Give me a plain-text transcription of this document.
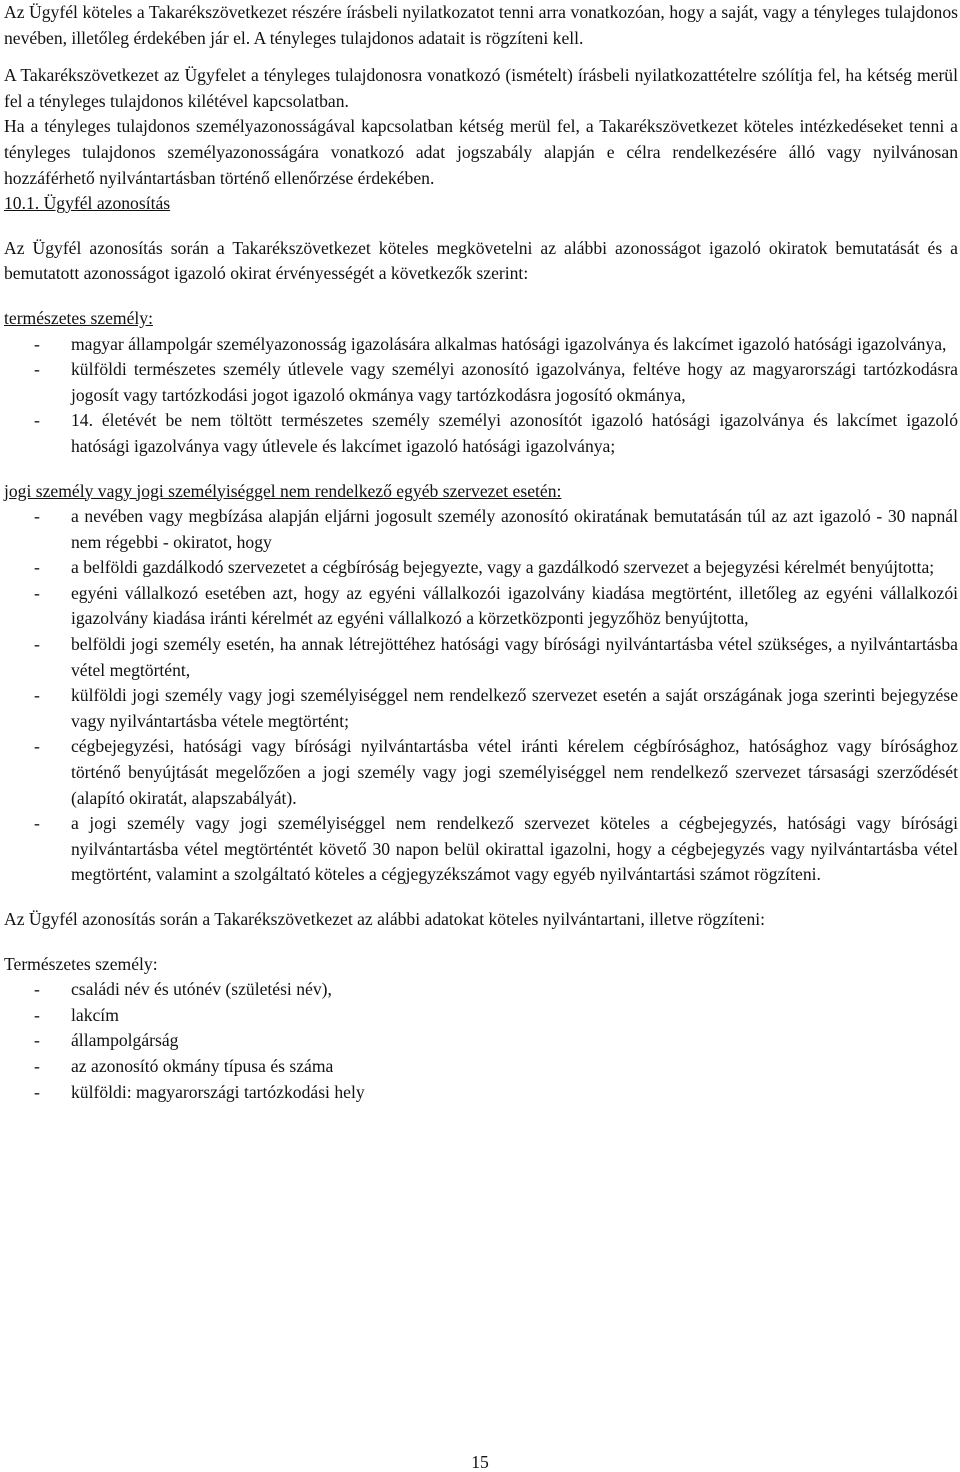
Az Ügyfél köteles a Takarékszövetkezet részére írásbeli nyilatkozatot tenni arra vonatkozóan, hogy a saját, vagy a tényleges tulajdonos nevében, illetőleg érdekében jár el. A tényleges tulajdonos adatait is rögzíteni kell.

A Takarékszövetkezet az Ügyfelet a tényleges tulajdonosra vonatkozó (ismételt) írásbeli nyilatkozattételre szólítja fel, ha kétség merül fel a tényleges tulajdonos kilétével kapcsolatban.

Ha a tényleges tulajdonos személyazonosságával kapcsolatban kétség merül fel, a Takarékszövetkezet köteles intézkedéseket tenni a tényleges tulajdonos személyazonosságára vonatkozó adat jogszabály alapján e célra rendelkezésére álló vagy nyilvánosan hozzáférhető nyilvántartásban történő ellenőrzése érdekében.

10.1. Ügyfél azonosítás

Az Ügyfél azonosítás során a Takarékszövetkezet köteles megkövetelni az alábbi azonosságot igazoló okiratok bemutatását és a bemutatott azonosságot igazoló okirat érvényességét a következők szerint:

természetes személy:

- magyar állampolgár személyazonosság igazolására alkalmas hatósági igazolványa és lakcímet igazoló hatósági igazolványa,
- külföldi természetes személy útlevele vagy személyi azonosító igazolványa, feltéve hogy az magyarországi tartózkodásra jogosít vagy tartózkodási jogot igazoló okmánya vagy tartózkodásra jogosító okmánya,
- 14. életévét be nem töltött természetes személy személyi azonosítót igazoló hatósági igazolványa és lakcímet igazoló hatósági igazolványa vagy útlevele és lakcímet igazoló hatósági igazolványa;

jogi személy vagy jogi személyiséggel nem rendelkező egyéb szervezet esetén:

- a nevében vagy megbízása alapján eljárni jogosult személy azonosító okiratának bemutatásán túl az azt igazoló - 30 napnál nem régebbi - okiratot, hogy
- a belföldi gazdálkodó szervezetet a cégbíróság bejegyezte, vagy a gazdálkodó szervezet a bejegyzési kérelmét benyújtotta;
- egyéni vállalkozó esetében azt, hogy az egyéni vállalkozói igazolvány kiadása megtörtént, illetőleg az egyéni vállalkozói igazolvány kiadása iránti kérelmét az egyéni vállalkozó a körzetközponti jegyzőhöz benyújtotta,
- belföldi jogi személy esetén, ha annak létrejöttéhez hatósági vagy bírósági nyilvántartásba vétel szükséges, a nyilvántartásba vétel megtörtént,
- külföldi jogi személy vagy jogi személyiséggel nem rendelkező szervezet esetén a saját országának joga szerinti bejegyzése vagy nyilvántartásba vétele megtörtént;
- cégbejegyzési, hatósági vagy bírósági nyilvántartásba vétel iránti kérelem cégbírósághoz, hatósághoz vagy bírósághoz történő benyújtását megelőzően a jogi személy vagy jogi személyiséggel nem rendelkező szervezet társasági szerződését (alapító okiratát, alapszabályát).
- a jogi személy vagy jogi személyiséggel nem rendelkező szervezet köteles a cégbejegyzés, hatósági vagy bírósági nyilvántartásba vétel megtörténtét követő 30 napon belül okirattal igazolni, hogy a cégbejegyzés vagy nyilvántartásba vétel megtörtént, valamint a szolgáltató köteles a cégjegyzékszámot vagy egyéb nyilvántartási számot rögzíteni.

Az Ügyfél azonosítás során a Takarékszövetkezet az alábbi adatokat köteles nyilvántartani, illetve rögzíteni:

Természetes személy:

- családi név és utónév (születési név),
- lakcím
- állampolgárság
- az azonosító okmány típusa és száma
- külföldi: magyarországi tartózkodási hely
15
